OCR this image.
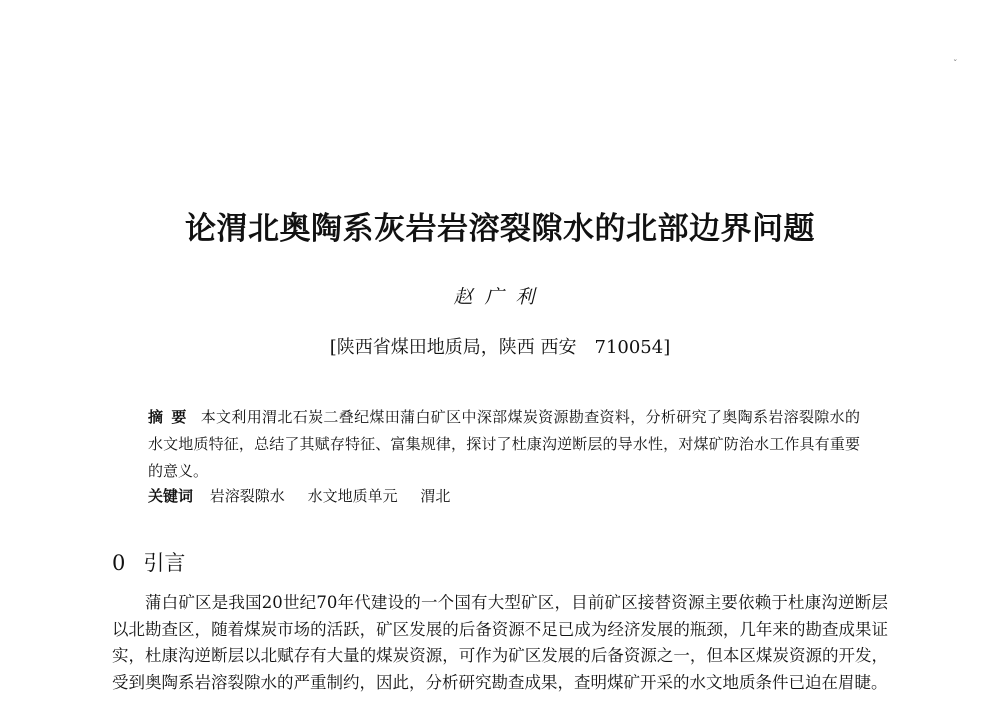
ˇ
论渭北奥陶系灰岩岩溶裂隙水的北部边界问题
赵广利
[陕西省煤田地质局，陕西 西安　710054]
摘要 本文利用渭北石炭二叠纪煤田蒲白矿区中深部煤炭资源勘查资料，分析研究了奥陶系岩溶裂隙水的水文地质特征，总结了其赋存特征、富集规律，探讨了杜康沟逆断层的导水性，对煤矿防治水工作具有重要的意义。
关键词 岩溶裂隙水 水文地质单元 渭北
0 引言

蒲白矿区是我国20世纪70年代建设的一个国有大型矿区，目前矿区接替资源主要依赖于杜康沟逆断层以北勘查区，随着煤炭市场的活跃，矿区发展的后备资源不足已成为经济发展的瓶颈，几年来的勘查成果证实，杜康沟逆断层以北赋存有大量的煤炭资源，可作为矿区发展的后备资源之一，但本区煤炭资源的开发，受到奥陶系岩溶裂隙水的严重制约，因此，分析研究勘查成果，查明煤矿开采的水文地质条件已迫在眉睫。
